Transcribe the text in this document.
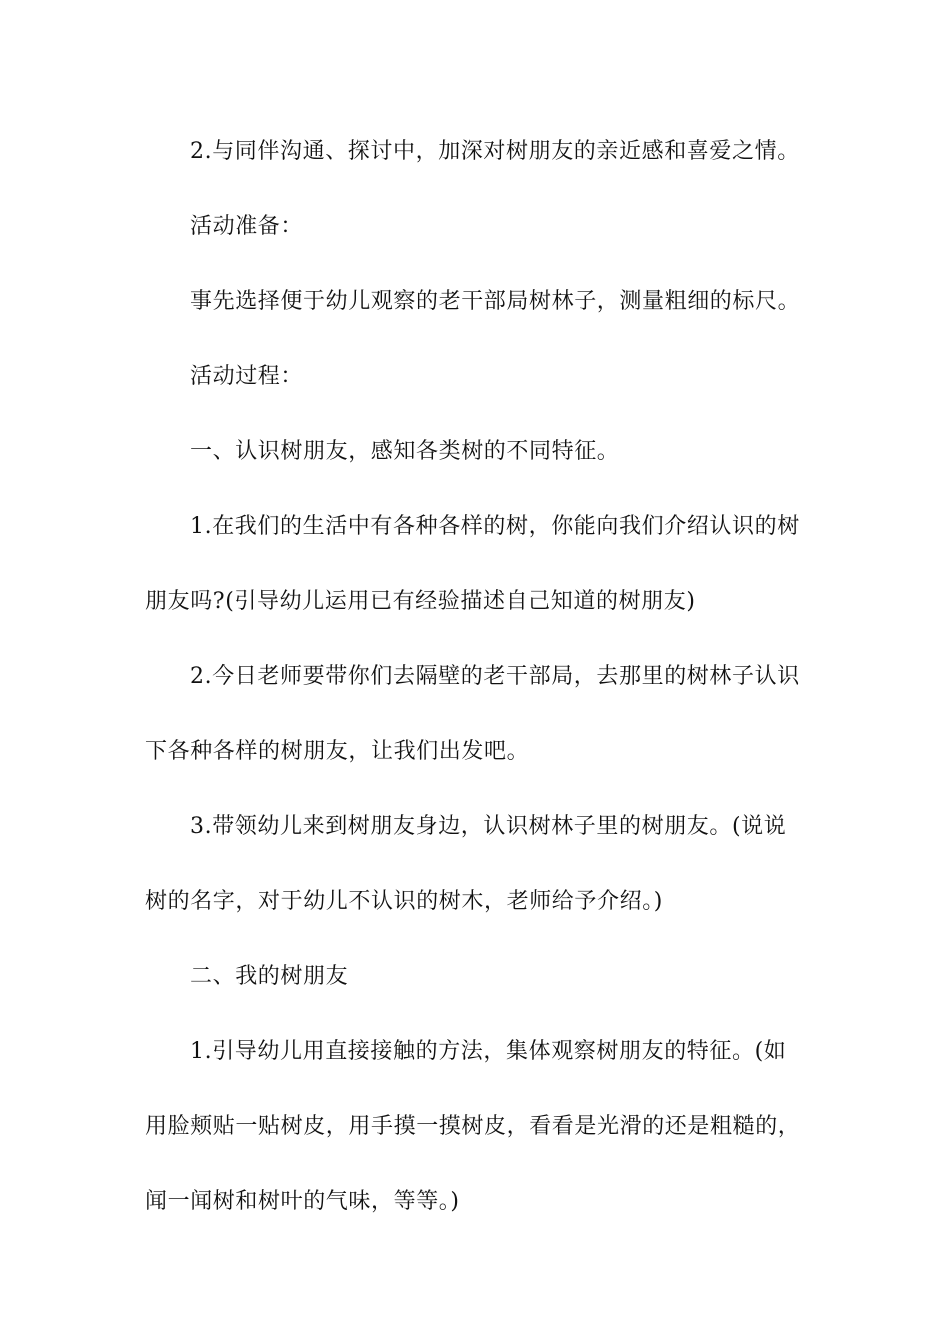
2.与同伴沟通、探讨中，加深对树朋友的亲近感和喜爱之情。

活动准备：

事先选择便于幼儿观察的老干部局树林子，测量粗细的标尺。

活动过程：

一、认识树朋友，感知各类树的不同特征。

1.在我们的生活中有各种各样的树，你能向我们介绍认识的树朋友吗?(引导幼儿运用已有经验描述自己知道的树朋友)

2.今日老师要带你们去隔壁的老干部局，去那里的树林子认识下各种各样的树朋友，让我们出发吧。

3.带领幼儿来到树朋友身边，认识树林子里的树朋友。(说说树的名字，对于幼儿不认识的树木，老师给予介绍。)

二、我的树朋友

1.引导幼儿用直接接触的方法，集体观察树朋友的特征。(如用脸颊贴一贴树皮，用手摸一摸树皮，看看是光滑的还是粗糙的，闻一闻树和树叶的气味，等等。)
